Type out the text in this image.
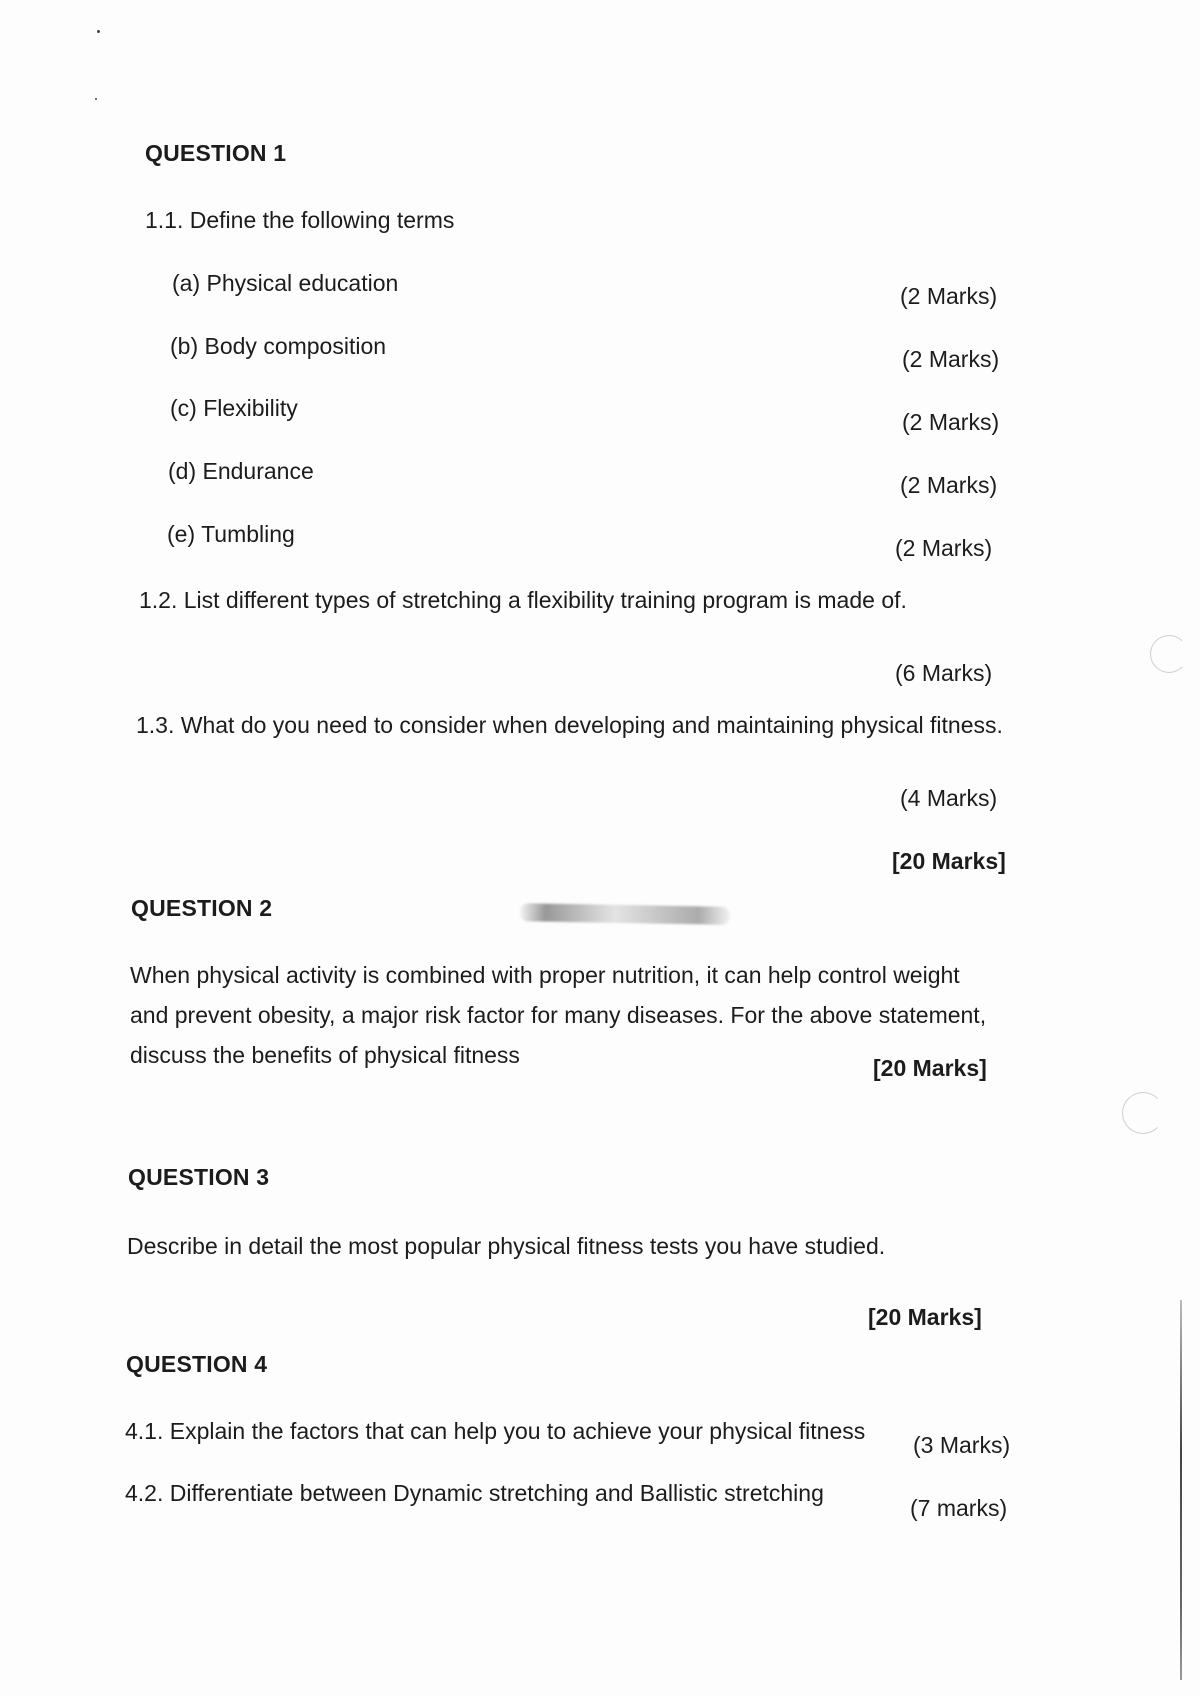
QUESTION 1
1.1. Define the following terms
(a) Physical education	(2 Marks)
(b) Body composition	(2 Marks)
(c) Flexibility
(2 Marks)
(d) Endurance
(2 Marks)
(e) Tumbling
(2 Marks)
1.2. List different types of stretching a flexibility training program is made of.
(6 Marks)
1.3. What do you need to consider when developing and maintaining physical fitness.
(4 Marks)
[20 Marks]
QUESTION 2
When physical activity is combined with proper nutrition, it can help control weight
and prevent obesity, a major risk factor for many diseases. For the above statement,
discuss the benefits of physical fitness	[20 Marks]
QUESTION 3
Describe in detail the most popular physical fitness tests you have studied.
[20 Marks]
QUESTION 4
4.1. Explain the factors that can help you to achieve your physical fitness
(3 Marks)
4.2. Differentiate between Dynamic stretching and Ballistic stretching
(7 marks)
